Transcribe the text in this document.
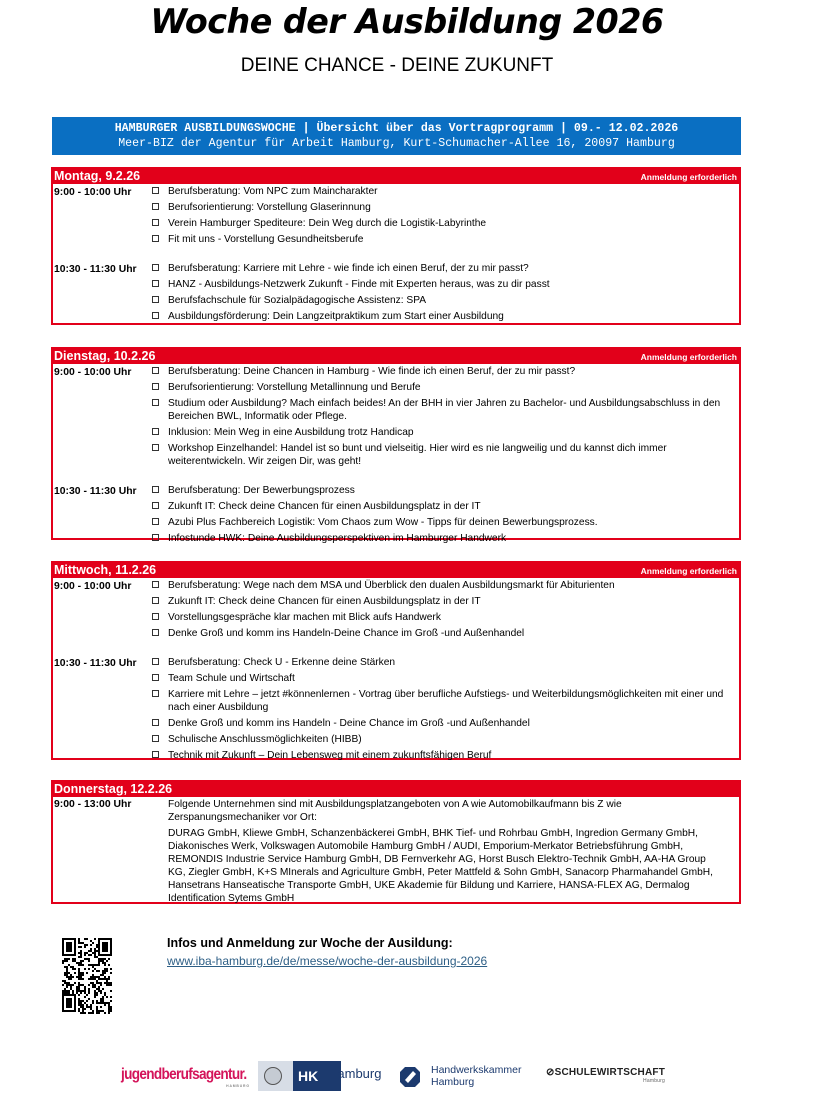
Woche der Ausbildung 2026
DEINE CHANCE - DEINE ZUKUNFT
HAMBURGER AUSBILDUNGSWOCHE | Übersicht über das Vortragprogramm | 09.- 12.02.2026
Meer-BIZ der Agentur für Arbeit Hamburg, Kurt-Schumacher-Allee 16, 20097 Hamburg
Montag, 9.2.26	Anmeldung erforderlich
9:00 - 10:00 Uhr	Berufsberatung: Vom NPC zum Maincharakter
Berufsorientierung: Vorstellung Glaserinnung
Verein Hamburger Spediteure: Dein Weg durch die Logistik-Labyrinthe
Fit mit uns - Vorstellung Gesundheitsberufe
10:30 - 11:30 Uhr	Berufsberatung: Karriere mit Lehre - wie finde ich einen Beruf, der zu mir passt?
HANZ - Ausbildungs-Netzwerk Zukunft - Finde mit Experten heraus, was zu dir passt
Berufsfachschule für Sozialpädagogische Assistenz: SPA
Ausbildungsförderung: Dein Langzeitpraktikum zum Start einer Ausbildung
Dienstag, 10.2.26	Anmeldung erforderlich
9:00 - 10:00 Uhr	Berufsberatung: Deine Chancen in Hamburg - Wie finde ich einen Beruf, der zu mir passt?
Berufsorientierung: Vorstellung Metallinnung und Berufe
Studium oder Ausbildung? Mach einfach beides! An der BHH in vier Jahren zu Bachelor- und Ausbildungsabschluss in den Bereichen BWL, Informatik oder Pflege.
Inklusion: Mein Weg in eine Ausbildung trotz Handicap
Workshop Einzelhandel: Handel ist so bunt und vielseitig. Hier wird es nie langweilig und du kannst dich immer weiterentwickeln. Wir zeigen Dir, was geht!
10:30 - 11:30 Uhr	Berufsberatung: Der Bewerbungsprozess
Zukunft IT: Check deine Chancen für einen Ausbildungsplatz in der IT
Azubi Plus Fachbereich Logistik: Vom Chaos zum Wow - Tipps für deinen Bewerbungsprozess.
Infostunde HWK: Deine Ausbildungsperspektiven im Hamburger Handwerk
Mittwoch, 11.2.26	Anmeldung erforderlich
9:00 - 10:00 Uhr	Berufsberatung: Wege nach dem MSA und Überblick den dualen Ausbildungsmarkt für Abiturienten
Zukunft IT: Check deine Chancen für einen Ausbildungsplatz in der IT
Vorstellungsgespräche klar machen mit Blick aufs Handwerk
Denke Groß und komm ins Handeln-Deine Chance im Groß -und Außenhandel
10:30 - 11:30 Uhr	Berufsberatung: Check U - Erkenne deine Stärken
Team Schule und Wirtschaft
Karriere mit Lehre – jetzt #könnenlernen - Vortrag über berufliche Aufstiegs- und Weiterbildungsmöglichkeiten mit einer und nach einer Ausbildung
Denke Groß und komm ins Handeln - Deine Chance im Groß -und Außenhandel
Schulische Anschlussmöglichkeiten (HIBB)
Technik mit Zukunft – Dein Lebensweg mit einem zukunftsfähigen Beruf
Donnerstag, 12.2.26
9:00 - 13:00 Uhr	Folgende Unternehmen sind mit Ausbildungsplatzangeboten von A wie Automobilkaufmann bis Z wie Zerspanungsmechaniker vor Ort:
DURAG GmbH, Kliewe GmbH, Schanzenbäckerei GmbH, BHK Tief- und Rohrbau GmbH, Ingredion Germany GmbH, Diakonisches Werk, Volkswagen Automobile Hamburg GmbH / AUDI, Emporium-Merkator Betriebsführung GmbH, REMONDIS Industrie Service Hamburg GmbH, DB Fernverkehr AG, Horst Busch Elektro-Technik GmbH, AA-HA Group KG, Ziegler GmbH, K+S MInerals and Agriculture GmbH, Peter Mattfeld & Sohn GmbH, Sanacorp Pharmahandel GmbH, Hansetrans Hanseatische Transporte GmbH, UKE Akademie für Bildung und Karriere, HANSA-FLEX AG, Dermalog Identification Sytems GmbH
Infos und Anmeldung zur Woche der Ausildung:
www.iba-hamburg.de/de/messe/woche-der-ausbildung-2026
jugendberufsagentur.
HAMBURG
HK Hamburg	Handwerkskammer
Hamburg
⊘SCHULEWIRTSCHAFT
Hamburg
